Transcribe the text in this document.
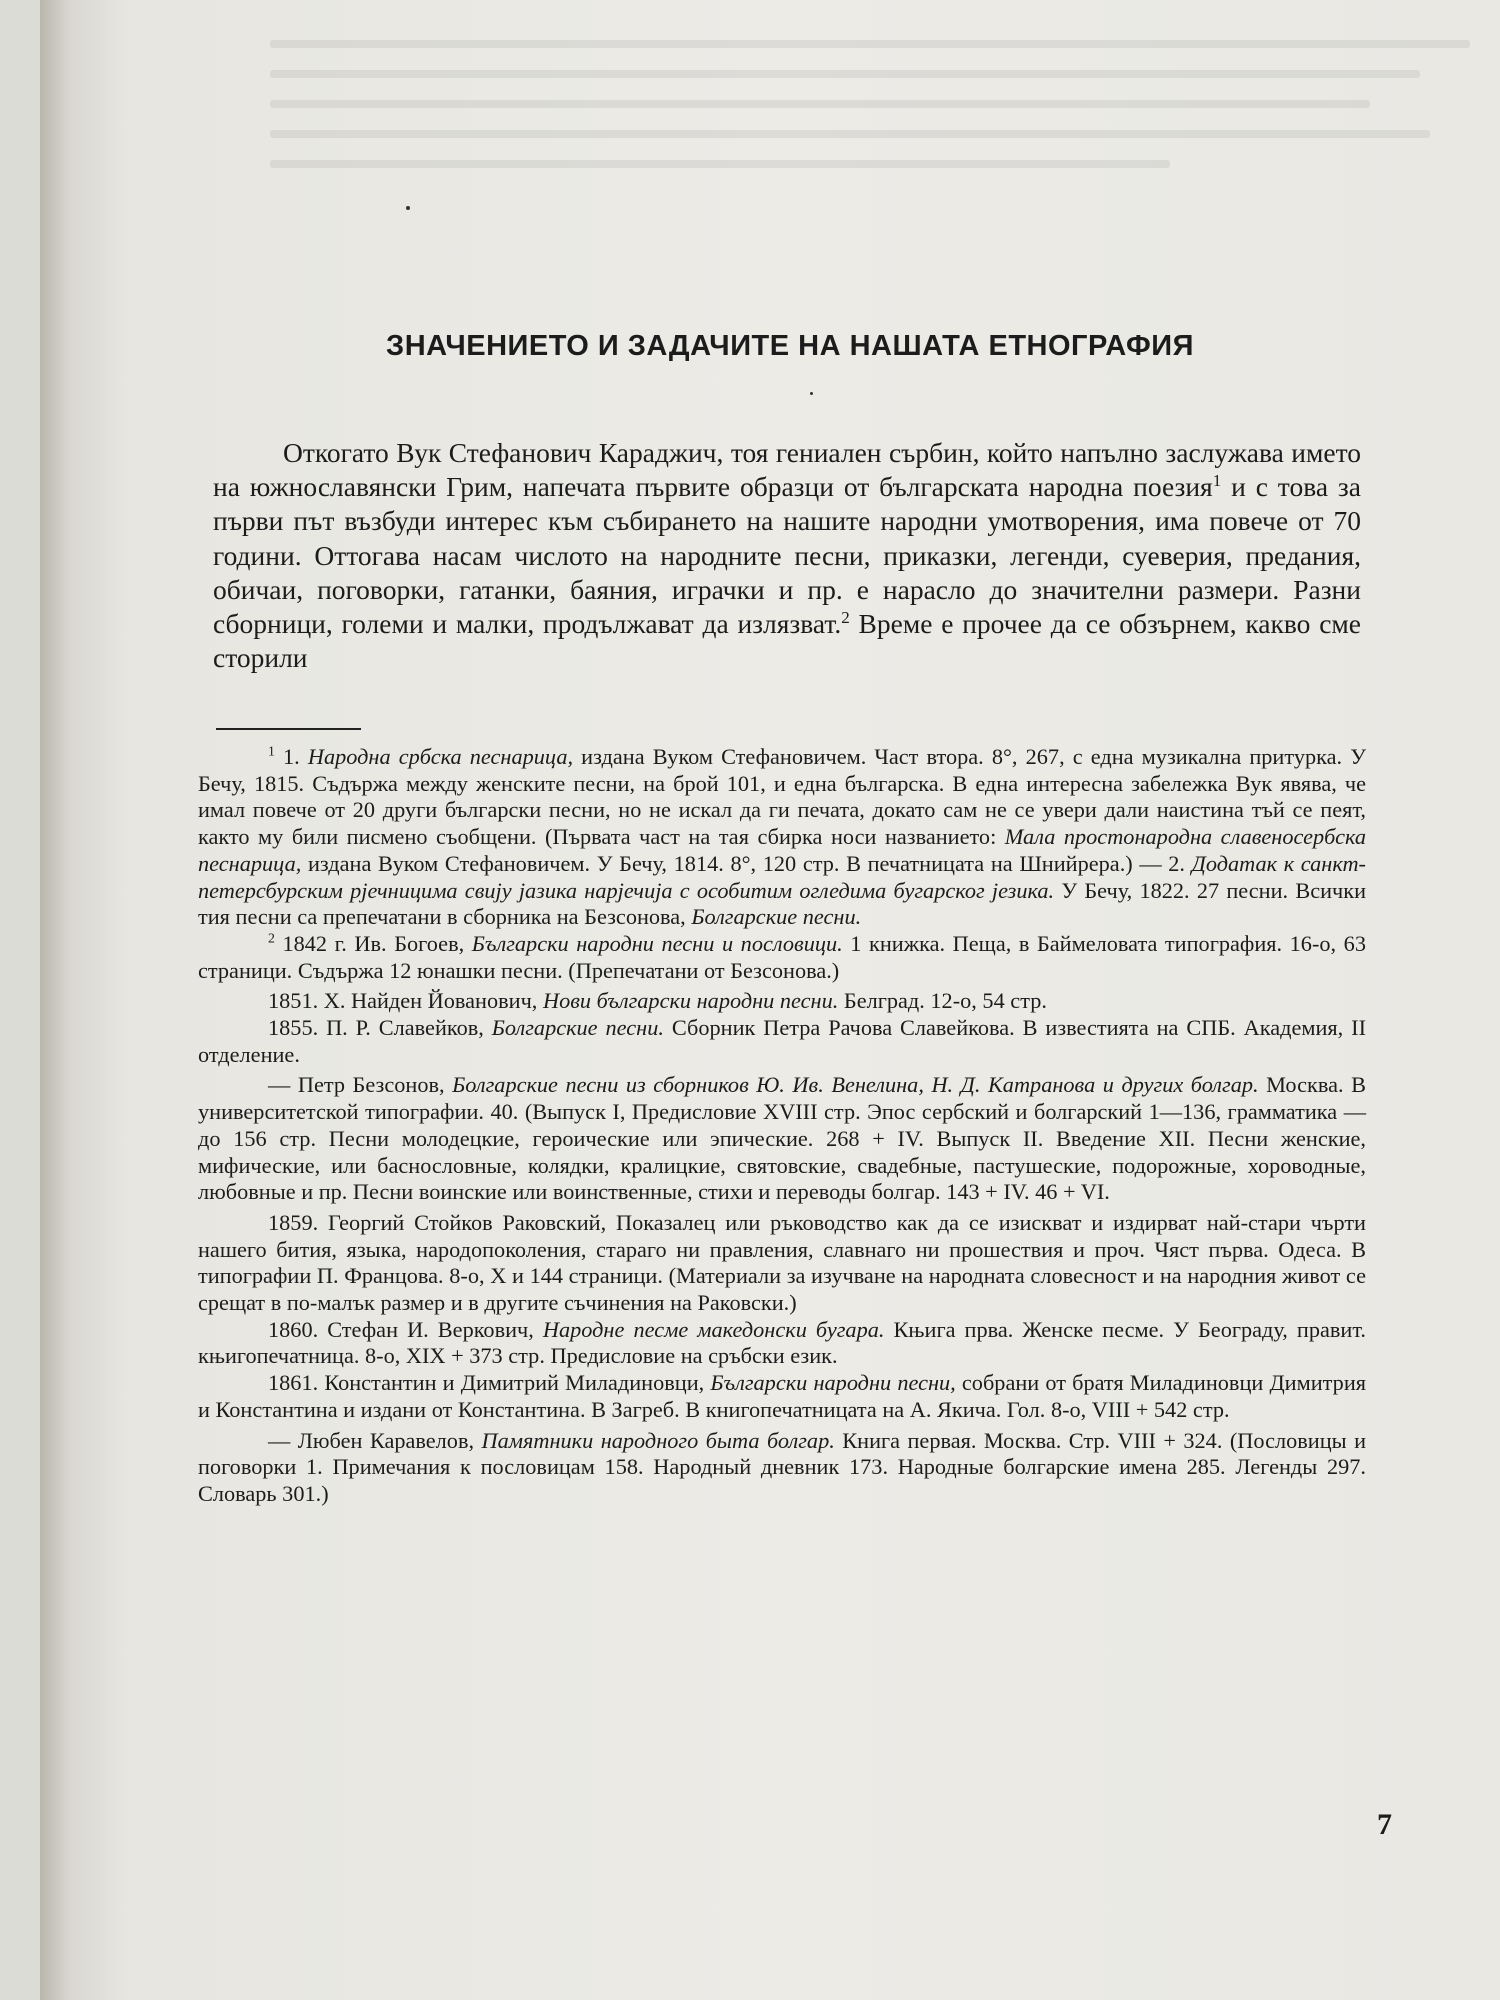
ЗНАЧЕНИЕТО И ЗАДАЧИТЕ НА НАШАТА ЕТНОГРАФИЯ

Откогато Вук Стефанович Караджич, тоя гениален сърбин, който напълно заслужава името на южнославянски Грим, напечата първите образци от българската народна поезия$^1$ и с това за първи път възбуди интерес към събирането на нашите народни умотворения, има повече от 70 години. Оттогава насам числото на народните песни, приказки, легенди, суеверия, предания, обичаи, поговорки, гатанки, баяния, играчки и пр. е нарасло до значителни размери. Разни сборници, големи и малки, продължават да излязват.$^2$ Време е прочее да се обзърнем, какво сме сторили

$^1$ 1. Народна србска песнарица, издана Вуком Стефановичем. Част втора. 8°, 267, с една музикална притурка. У Бечу, 1815. Съдържа между женските песни, на брой 101, и една българска. В една интересна забележка Вук явява, че имал повече от 20 други български песни, но не искал да ги печата, докато сам не се увери дали наистина тъй се пеят, както му били писмено съобщени. (Първата част на тая сбирка носи названието: Мала простонародна славеносербска песнарица, издана Вуком Стефановичем. У Бечу, 1814. 8°, 120 стр. В печатницата на Шнийрера.) — 2. Додатак к санкт-петерсбурским рјечницима свију јазика нарјечија с особитим огледима бугарског језика. У Бечу, 1822. 27 песни. Всички тия песни са препечатани в сборника на Безсонова, Болгарские песни.

$^2$ 1842 г. Ив. Богоев, Български народни песни и пословици. 1 книжка. Пеща, в Баймеловата типография. 16-о, 63 страници. Съдържа 12 юнашки песни. (Препечатани от Безсонова.)

1851. Х. Найден Йованович, Нови български народни песни. Белград. 12-о, 54 стр.

1855. П. Р. Славейков, Болгарские песни. Сборник Петра Рачова Славейкова. В известията на СПБ. Академия, II отделение.

— Петр Безсонов, Болгарские песни из сборников Ю. Ив. Венелина, Н. Д. Катранова и других болгар. Москва. В университетской типографии. 40. (Выпуск I, Предисловие XVIII стр. Эпос сербский и болгарский 1—136, грамматика — до 156 стр. Песни молодецкие, героические или эпические. 268 + IV. Выпуск II. Введение XII. Песни женские, мифические, или баснословные, колядки, кралицкие, святовские, свадебные, пастушеские, подорожные, хороводные, любовные и пр. Песни воинские или воинственные, стихи и переводы болгар. 143 + IV. 46 + VI.

1859. Георгий Стойков Раковский, Показалец или ръководство как да се изискват и издирват най-стари чърти нашего бития, языка, народопоколения, стараго ни правления, славнаго ни прошествия и проч. Чяст първа. Одеса. В типографии П. Францова. 8-о, X и 144 страници. (Материали за изучване на народната словесност и на народния живот се срещат в по-малък размер и в другите съчинения на Раковски.)

1860. Стефан И. Веркович, Народне песме македонски бугара. Књига прва. Женске песме. У Београду, правит. књигопечатница. 8-о, XIX + 373 стр. Предисловие на сръбски език.

1861. Константин и Димитрий Миладиновци, Български народни песни, собрани от братя Миладиновци Димитрия и Константина и издани от Константина. В Загреб. В книгопечатницата на А. Якича. Гол. 8-о, VIII + 542 стр.

— Любен Каравелов, Памятники народного быта болгар. Книга первая. Москва. Стр. VIII + 324. (Пословицы и поговорки 1. Примечания к пословицам 158. Народный дневник 173. Народные болгарские имена 285. Легенды 297. Словарь 301.)

7
